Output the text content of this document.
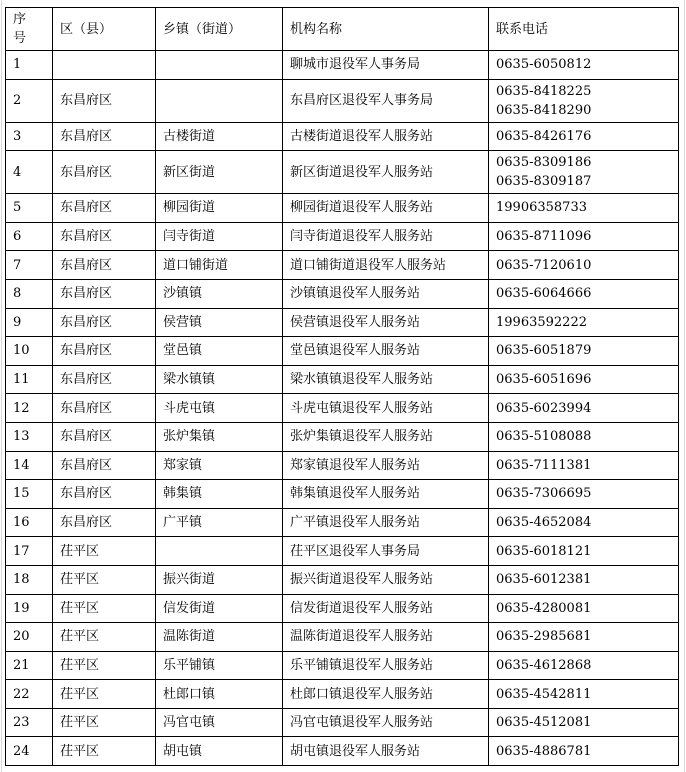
序号	区（县）	乡镇（街道）	机构名称	联系电话
1			聊城市退役军人事务局	0635-6050812

2	东昌府区		东昌府区退役军人事务局	0635-8418225
0635-8418290

3	东昌府区	古楼街道	古楼街道退役军人服务站	0635-8426176

4	东昌府区	新区街道	新区街道退役军人服务站	0635-8309186
0635-8309187

5	东昌府区	柳园街道	柳园街道退役军人服务站	19906358733

6	东昌府区	闫寺街道	闫寺街道退役军人服务站	0635-8711096

7	东昌府区	道口铺街道	道口铺街道退役军人服务站	0635-7120610

8	东昌府区	沙镇镇	沙镇镇退役军人服务站	0635-6064666

9	东昌府区	侯营镇	侯营镇退役军人服务站	19963592222

10	东昌府区	堂邑镇	堂邑镇退役军人服务站	0635-6051879

11	东昌府区	梁水镇镇	梁水镇镇退役军人服务站	0635-6051696

12	东昌府区	斗虎屯镇	斗虎屯镇退役军人服务站	0635-6023994

13	东昌府区	张炉集镇	张炉集镇退役军人服务站	0635-5108088

14	东昌府区	郑家镇	郑家镇退役军人服务站	0635-7111381

15	东昌府区	韩集镇	韩集镇退役军人服务站	0635-7306695

16	东昌府区	广平镇	广平镇退役军人服务站	0635-4652084

17	茌平区		茌平区退役军人事务局	0635-6018121

18	茌平区	振兴街道	振兴街道退役军人服务站	0635-6012381

19	茌平区	信发街道	信发街道退役军人服务站	0635-4280081

20	茌平区	温陈街道	温陈街道退役军人服务站	0635-2985681

21	茌平区	乐平铺镇	乐平铺镇退役军人服务站	0635-4612868

22	茌平区	杜郎口镇	杜郎口镇退役军人服务站	0635-4542811

23	茌平区	冯官屯镇	冯官屯镇退役军人服务站	0635-4512081

24	茌平区	胡屯镇	胡屯镇退役军人服务站	0635-4886781
